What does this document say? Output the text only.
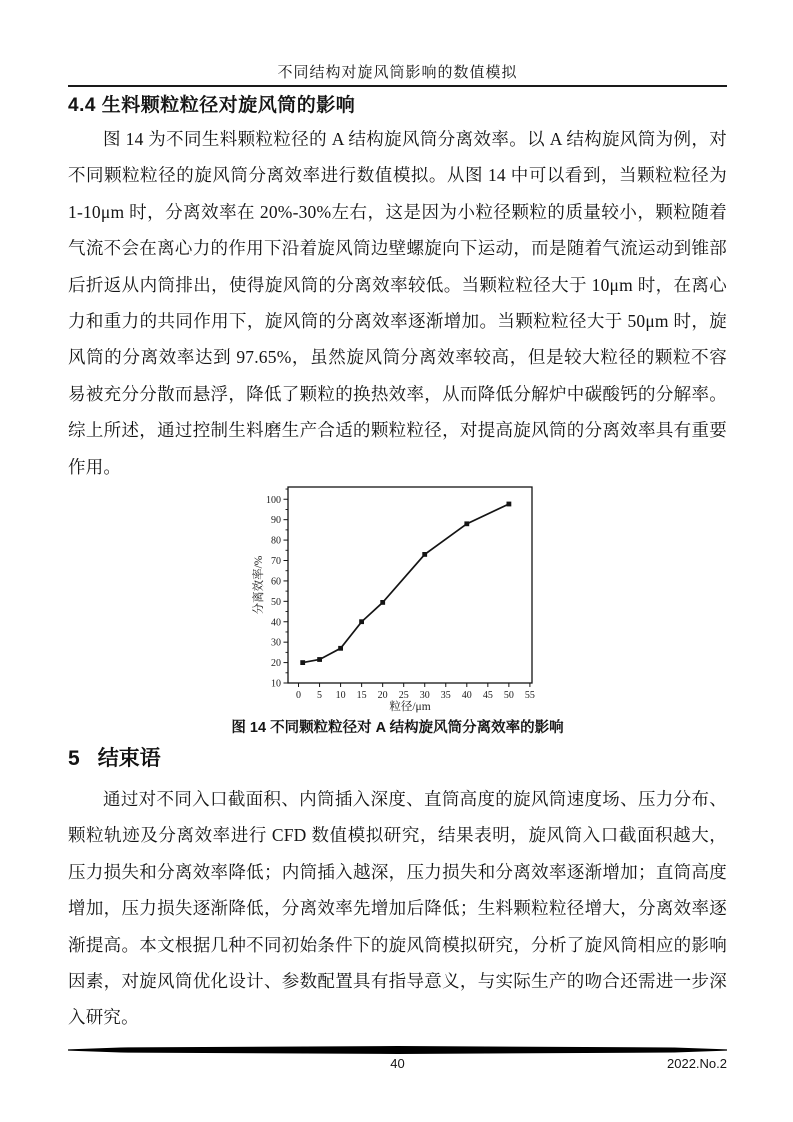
不同结构对旋风筒影响的数值模拟
4.4 生料颗粒粒径对旋风筒的影响

图 14 为不同生料颗粒粒径的 A 结构旋风筒分离效率。以 A 结构旋风筒为例，对不同颗粒粒径的旋风筒分离效率进行数值模拟。从图 14 中可以看到，当颗粒粒径为 1-10μm 时，分离效率在 20%-30%左右，这是因为小粒径颗粒的质量较小，颗粒随着气流不会在离心力的作用下沿着旋风筒边壁螺旋向下运动，而是随着气流运动到锥部后折返从内筒排出，使得旋风筒的分离效率较低。当颗粒粒径大于 10μm 时，在离心力和重力的共同作用下，旋风筒的分离效率逐渐增加。当颗粒粒径大于 50μm 时，旋风筒的分离效率达到 97.65%，虽然旋风筒分离效率较高，但是较大粒径的颗粒不容易被充分分散而悬浮，降低了颗粒的换热效率，从而降低分解炉中碳酸钙的分解率。综上所述，通过控制生料磨生产合适的颗粒粒径，对提高旋风筒的分离效率具有重要作用。

0 5 10 15 20 25 30 35 40 45 50 55
10
20
30
40
50
60
70
80
90
100
分离效率/%
粒径/μm
图 14 不同颗粒粒径对 A 结构旋风筒分离效率的影响
5 结束语

通过对不同入口截面积、内筒插入深度、直筒高度的旋风筒速度场、压力分布、颗粒轨迹及分离效率进行 CFD 数值模拟研究，结果表明，旋风筒入口截面积越大，压力损失和分离效率降低；内筒插入越深，压力损失和分离效率逐渐增加；直筒高度增加，压力损失逐渐降低，分离效率先增加后降低；生料颗粒粒径增大，分离效率逐渐提高。本文根据几种不同初始条件下的旋风筒模拟研究，分析了旋风筒相应的影响因素，对旋风筒优化设计、参数配置具有指导意义，与实际生产的吻合还需进一步深入研究。

40	2022.No.2
